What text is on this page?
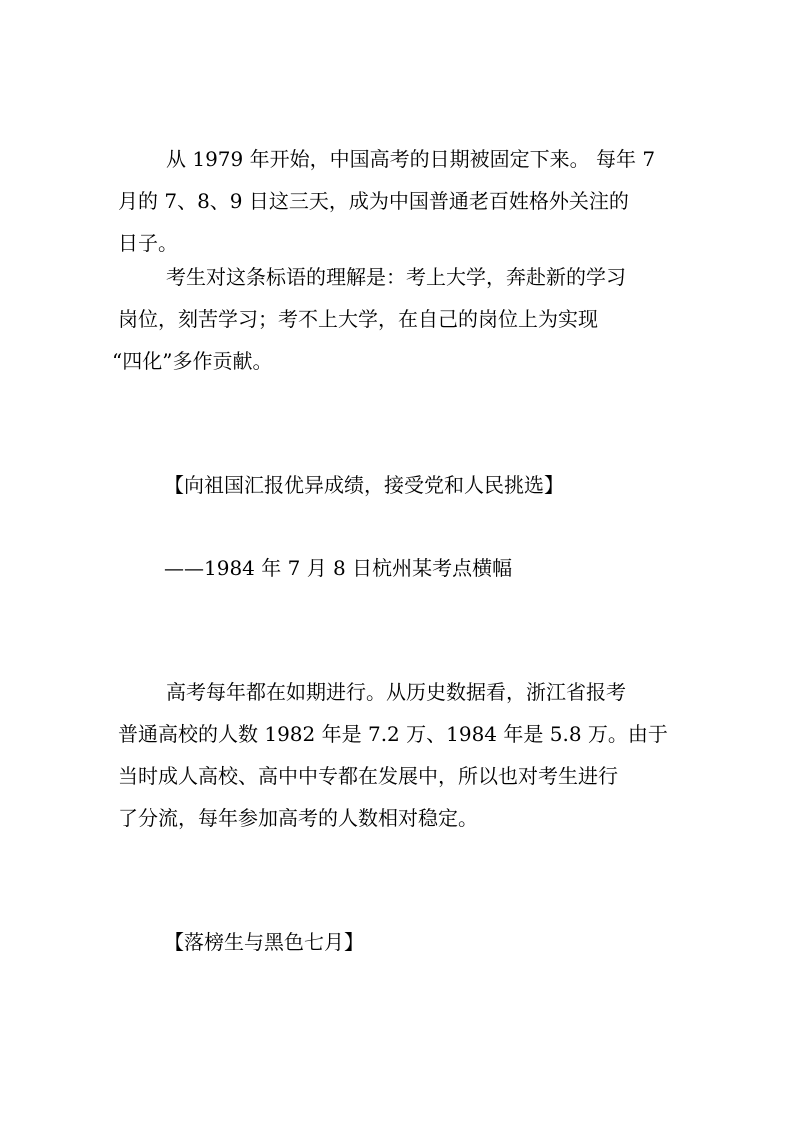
从 1979 年开始，中国高考的日期被固定下来。 每年 7
月的 7、8、9 日这三天，成为中国普通老百姓格外关注的
日子。
考生对这条标语的理解是：考上大学，奔赴新的学习
岗位，刻苦学习；考不上大学，在自己的岗位上为实现
“四化”多作贡献。
【向祖国汇报优异成绩，接受党和人民挑选】
——1984 年 7 月 8 日杭州某考点横幅
高考每年都在如期进行。从历史数据看，浙江省报考
普通高校的人数 1982 年是 7.2 万、1984 年是 5.8 万。由于
当时成人高校、高中中专都在发展中，所以也对考生进行
了分流，每年参加高考的人数相对稳定。
【落榜生与黑色七月】
